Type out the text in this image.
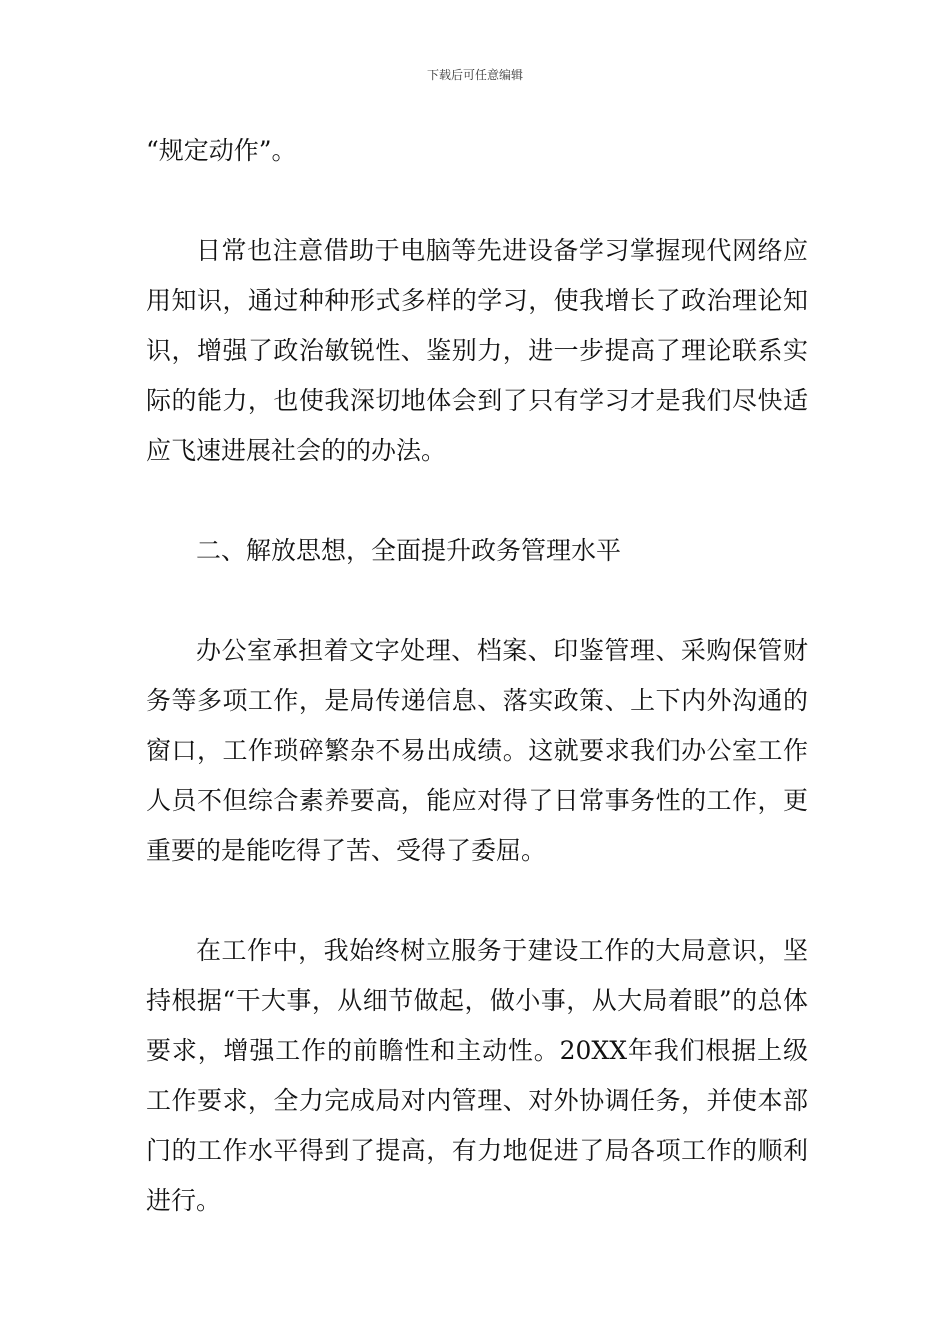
下载后可任意编辑

“规定动作”。

日常也注意借助于电脑等先进设备学习掌握现代网络应用知识，通过种种形式多样的学习，使我增长了政治理论知识，增强了政治敏锐性、鉴别力，进一步提高了理论联系实际的能力，也使我深切地体会到了只有学习才是我们尽快适应飞速进展社会的的办法。

二、解放思想，全面提升政务管理水平

办公室承担着文字处理、档案、印鉴管理、采购保管财务等多项工作，是局传递信息、落实政策、上下内外沟通的窗口，工作琐碎繁杂不易出成绩。这就要求我们办公室工作人员不但综合素养要高，能应对得了日常事务性的工作，更重要的是能吃得了苦、受得了委屈。

在工作中，我始终树立服务于建设工作的大局意识，坚持根据“干大事，从细节做起，做小事，从大局着眼”的总体要求，增强工作的前瞻性和主动性。20XX年我们根据上级工作要求，全力完成局对内管理、对外协调任务，并使本部门的工作水平得到了提高，有力地促进了局各项工作的顺利进行。
